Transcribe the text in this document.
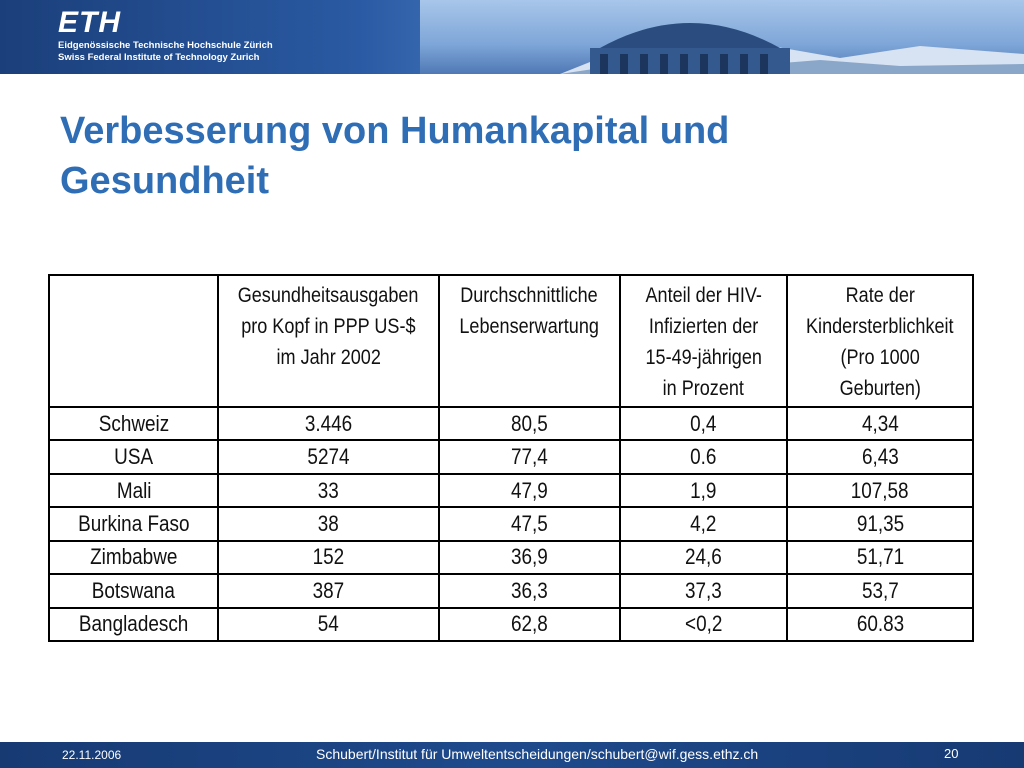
ETH
Eidgenössische Technische Hochschule Zürich
Swiss Federal Institute of Technology Zurich
Verbesserung von Humankapital und
Gesundheit
	Gesundheitsausgaben
pro Kopf in PPP US-$
im Jahr 2002	Durchschnittliche
Lebenserwartung	Anteil der HIV-
Infizierten der
15-49-jährigen
in Prozent	Rate der
Kindersterblichkeit
(Pro 1000
Geburten)
Schweiz	3.446	80,5	0,4	4,34
USA	5274	77,4	0.6	6,43
Mali	33	47,9	1,9	107,58
Burkina Faso	38	47,5	4,2	91,35
Zimbabwe	152	36,9	24,6	51,71
Botswana	387	36,3	37,3	53,7
Bangladesch	54	62,8	<0,2	60.83
22.11.2006	Schubert/Institut für Umweltentscheidungen/schubert@wif.gess.ethz.ch	20
